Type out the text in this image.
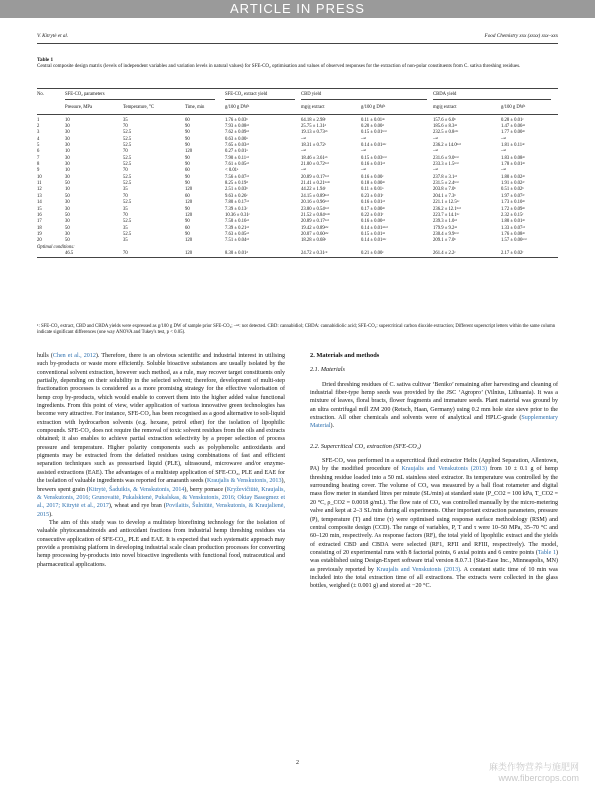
ARTICLE IN PRESS
V. Kitrytė et al.	Food Chemistry xxx (xxxx) xxx–xxx
Table 1
Central composite design matrix (levels of independent variables and variation levels in natural values) for SFE-CO₂ optimisation and values of observed responses for the extraction of non-polar constituents from C. sativa threshing residues.
No.	SFE-CO₂ parameters			SFE-CO₂ extract yield	CBD yield		CBDA yield	
	Pressure, MPa	Temperature, °C	Time, min	g/100 g DW¹	mg/g extract	g/100 g DW¹	mg/g extract	g/100 g DW¹
1	10	35	60	1.76 ± 0.03ᵇ	64.18 ± 2.98ᵉ	0.11 ± 0.01ᵃᵇ	157.6 ± 6.0ᵇ	0.28 ± 0.01ᵉ
2	30	70	90	7.93 ± 0.08ᵉᵈ	25.75 ± 1.31ᵈ	0.20 ± 0.00ᵈ	185.6 ± 8.3ᵃᵇ	1.47 ± 0.06ᵃᵇ
3	30	52.5	90	7.62 ± 0.09ᶜᵈ	19.13 ± 0.73ᵃᵇ	0.15 ± 0.01ᵇᶜᵈ	232.5 ± 0.8ᶜᵈᵉ	1.77 ± 0.00ᵈᵉ
4	30	52.5	90	0.63 ± 0.00ᵃ	–ᵃᵈ	–ᵃᵈ	–ᵃᵈ	–ᵃᵈ
5	30	52.5	90	7.65 ± 0.03ᶜᵈ	18.31 ± 0.72ᵃ	0.14 ± 0.01ᵃᵇᶜ	236.2 ± 14.0ᵇᶜᵈ	1.81 ± 0.11ᵈᵉ
6	10	70	120	0.27 ± 0.01ᵃ	–ᵃᵈ	–ᵃᵈ	–ᵃᵈ	–ᵃᵈ
7	30	52.5	90	7.90 ± 0.11ᶜᵈ	18.46 ± 3.61ᵃᵇ	0.15 ± 0.03ᵇᶜᵈ	231.6 ± 9.0ᵇᶜᵈ	1.83 ± 0.08ᵈᵉ
8	30	52.5	90	7.61 ± 0.05ᶜᵈ	21.00 ± 0.72ᵇᶜᵈ	0.16 ± 0.01ᶜᵈ	233.3 ± 1.5ᵇᶜᵈ	1.78 ± 0.01ᵈᵉ
9	10	70	60	< 0.01ᵃ	–ᵃᵈ	–ᵃᵈ	–ᵃᵈ	–ᵃᵈ
10	30	52.5	90	7.56 ± 0.07ᶜᵈ	20.89 ± 0.17ᵇᶜᵈ	0.16 ± 0.00ᶜ	237.8 ± 3.1ᶜᵈ	1.80 ± 0.02ᵈᵉ
11	50	52.5	90	8.25 ± 0.19ᵈ	21.41 ± 0.21ᵇᶜᵈᵉ	0.18 ± 0.00ᵈᵉ	231.5 ± 2.4ᵇᶜᵈ	1.91 ± 0.02ᵉᶠ
12	10	35	120	2.51 ± 0.03ᵇ	44.22 ± 1.94ᵉ	0.11 ± 0.01ᵃ	203.8 ± 7.0ᵇ	0.51 ± 0.02ᵇ
13	50	70	60	9.63 ± 0.26ᵉ	24.15 ± 0.89ᵇᶜᵈ	0.23 ± 0.01ᶠ	204.1 ± 7.3ᵇ	1.97 ± 0.07ᵉᶠ
14	30	52.5	120	7.80 ± 0.17ᶜᵈ	20.16 ± 0.96ᵇᶜᵈ	0.16 ± 0.01ᶜᵈ	221.1 ± 12.5ᵇᶜ	1.73 ± 0.10ᵈᵉ
15	30	35	90	7.39 ± 0.13ᶜ	23.80 ± 0.54ᵇᶜᵈ	0.17 ± 0.00ᵈᵉ	236.2 ± 12.1ᵇᶜᵈ	1.72 ± 0.09ᵈᵉ
16	50	70	120	10.36 ± 0.31ᵉ	21.52 ± 0.84ᵇᶜᵈᵉ	0.22 ± 0.01ᶠ	223.7 ± 14.1ᵇᶜ	2.32 ± 0.15ᶠ
17	30	52.5	90	7.50 ± 0.16ᶜᵈ	20.89 ± 0.17ᵇᶜᵈ	0.16 ± 0.00ᶜᵈ	239.3 ± 1.0ᶜᵈ	1.80 ± 0.01ᵈᵉ
18	50	35	60	7.39 ± 0.21ᶜᵈ	19.42 ± 0.89ᵃᵇᶜ	0.14 ± 0.01ᵃᵇᶜᵈ	179.9 ± 9.2ᵃᵇ	1.33 ± 0.07ᶜᵈ
19	30	52.5	90	7.63 ± 0.05ᶜᵈ	20.07 ± 0.60ᵃᵇᶜ	0.15 ± 0.01ᵃᵇ	230.4 ± 9.9ᵇᶜᵈ	1.76 ± 0.08ᵈᵉ
20	50	35	120	7.51 ± 0.04ᶜᵈ	18.28 ± 0.68ᵃ	0.14 ± 0.01ᵃᵇᶜ	209.1 ± 7.0ᵇ	1.57 ± 0.06ᵇᶜᵈ
Optimal conditions:								
	46.5	70	120	8.30 ± 0.01ᵈ	24.72 ± 0.31ᶜᵈ	0.21 ± 0.00ᵉ	261.4 ± 2.2ᵉ	2.17 ± 0.02ᶠ
¹: SFE-CO₂ extract, CBD and CBDA yields were expressed as g/100 g DW of sample prior SFE-CO₂; –ⁿᵈ: not detected. CBD: cannabidiol; CBDA: cannabidiolic acid; SFE-CO₂: supercritical carbon dioxide extraction; Different superscript letters within the same column indicate significant differences (one way ANOVA and Tukey's test, p < 0.05).

hulls (Chen et al., 2012). Therefore, there is an obvious scientific and industrial interest in utilising such by-products or waste more efficiently. Soluble bioactive substances are usually isolated by the conventional solvent extraction, however such method, as a rule, may recover target constituents only partially, depending on their solubility in the selected solvent; therefore, development of multi-step fractionation processes is considered as a more promising strategy for the effective valorisation of hemp crop by-products, which would enable to convert them into the higher added value functional ingredients. From this point of view, wider application of various innovative green technologies has become very attractive. For instance, SFE-CO₂ has been recognised as a good alternative to soli-liquid extraction with hydrocarbon solvents (e.g. hexane, petrol ether) for the isolation of lipophilic compounds. SFE-CO₂ does not require the removal of toxic solvent residues from the oils and extracts obtained; it also enables to achieve partial extraction selectivity by a proper selection of process pressure and temperature. Higher polarity components such as polyphenolic antioxidants and pigments may be extracted from the defatted residues using combinations of fast and efficient separation techniques such as pressurised liquid (PLE), ultrasound, microwave and/or enzyme-assisted extractions (EAE). The advantages of a multistep application of SFE-CO₂, PLE and EAE for the isolation of valuable ingredients was reported for amaranth seeds (Kraujalis & Venskutonis, 2013), brewers spent grain (Kitrytė, Šaduikis, & Venskutonis, 2014), berry pomace (Kryževičiūtė, Kraujalis, & Venskutonis, 2016; Grunovaitė, Pukalskienė, Pukalskas, & Venskutonis, 2016; Oktay Basegmez et al., 2017; Kitrytė et al., 2017), wheat and rye bran (Povilaitis, Šulniūtė, Venskutonis, & Kraujalienė, 2015).

The aim of this study was to develop a multistep biorefining technology for the isolation of valuable phytocannabinoids and antioxidant fractions from industrial hemp threshing residues via consecutive application of SFE-CO₂, PLE and EAE. It is expected that such systematic approach may provide a promising platform in developing industrial scale clean production processes for converting hemp processing by-products into novel bioactive ingredients with functional food, nutraceutical and pharmaceutical applications.

2. Materials and methods

2.1. Materials

Dried threshing residues of C. sativa cultivar ‘Beniko’ remaining after harvesting and cleaning of industrial fiber-type hemp seeds was provided by the JSC ‘Agropro’ (Vilnius, Lithuania). It was a mixture of leaves, floral bracts, flower fragments and immature seeds. Plant material was ground by an ultra centrifugal mill ZM 200 (Retsch, Haan, Germany) using 0.2 mm hole size sieve prior to the extraction. All other chemicals and solvents were of analytical and HPLC-grade (Supplementary Material).

2.2. Supercritical CO₂ extraction (SFE-CO₂)

SFE-CO₂ was performed in a supercritical fluid extractor Helix (Applied Separation, Allentown, PA) by the modified procedure of Kraujalis and Venskutonis (2013) from 10 ± 0.1 g of hemp threshing residue loaded into a 50 mL stainless steel extractor. Its temperature was controlled by the surrounding heating cover. The volume of CO₂ was measured by a ball float rotameter and digital mass flow meter in standard litres per minute (SL/min) at standard state (P_CO2 = 100 kPa, T_CO2 = 20 °C, ρ_CO2 = 0.0018 g/mL). The flow rate of CO₂ was controlled manually by the micro-metering valve and kept at 2–3 SL/min during all experiments. Other important extraction parameters, pressure (P), temperature (T) and time (τ) were optimised using response surface methodology (RSM) and central composite design (CCD). The range of variables, P, T and τ were 10–50 MPa, 35–70 °C and 60–120 min, respectively. As response factors (RF), the total yield of lipophilic extract and the yields of extracted CBD and CBDA were selected (RF1, RFII and RFIII, respectively). The model, consisting of 20 experimental runs with 8 factorial points, 6 axial points and 6 centre points (Table 1) was established using Design-Expert software trial version 8.0.7.1 (Stat-Ease Inc., Minneapolis, MN) as previously reported by Kraujalis and Venskutonis (2013). A constant static time of 10 min was included into the total extraction time of all extractions. The extracts were collected in the glass bottles, weighed (± 0.001 g) and stored at −20 °C.

2	麻类作物营养与施肥网
www.fibercrops.com
